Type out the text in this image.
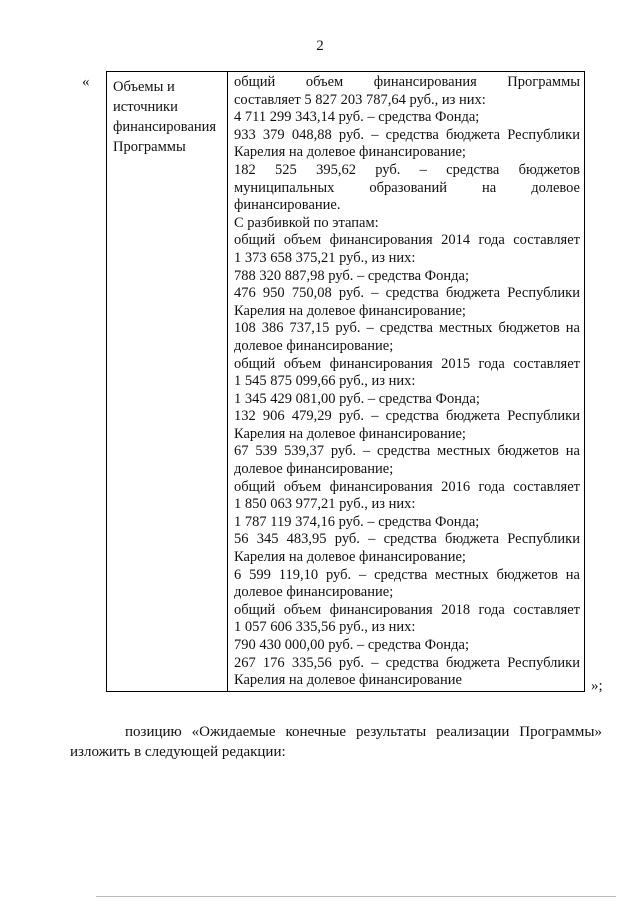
2
« Объемы и
источники
финансирования
Программы
общий объем финансирования Программы
составляет 5 827 203 787,64 руб., из них:
4 711 299 343,14 руб. – средства Фонда;
933 379 048,88 руб. – средства бюджета Республики
Карелия на долевое финансирование;
182 525 395,62 руб. – средства бюджетов
муниципальных образований на долевое
финансирование.
С разбивкой по этапам:
общий объем финансирования 2014 года составляет
1 373 658 375,21 руб., из них:
788 320 887,98 руб. – средства Фонда;
476 950 750,08 руб. – средства бюджета Республики
Карелия на долевое финансирование;
108 386 737,15 руб. – средства местных бюджетов на
долевое финансирование;
общий объем финансирования 2015 года составляет
1 545 875 099,66 руб., из них:
1 345 429 081,00 руб. – средства Фонда;
132 906 479,29 руб. – средства бюджета Республики
Карелия на долевое финансирование;
67 539 539,37 руб. – средства местных бюджетов на
долевое финансирование;
общий объем финансирования 2016 года составляет
1 850 063 977,21 руб., из них:
1 787 119 374,16 руб. – средства Фонда;
56 345 483,95 руб. – средства бюджета Республики
Карелия на долевое финансирование;
6 599 119,10 руб. – средства местных бюджетов на
долевое финансирование;
общий объем финансирования 2018 года составляет
1 057 606 335,56 руб., из них:
790 430 000,00 руб. – средства Фонда;
267 176 335,56 руб. – средства бюджета Республики
Карелия на долевое финансирование	»;
позицию «Ожидаемые конечные результаты реализации Программы»
изложить в следующей редакции:
